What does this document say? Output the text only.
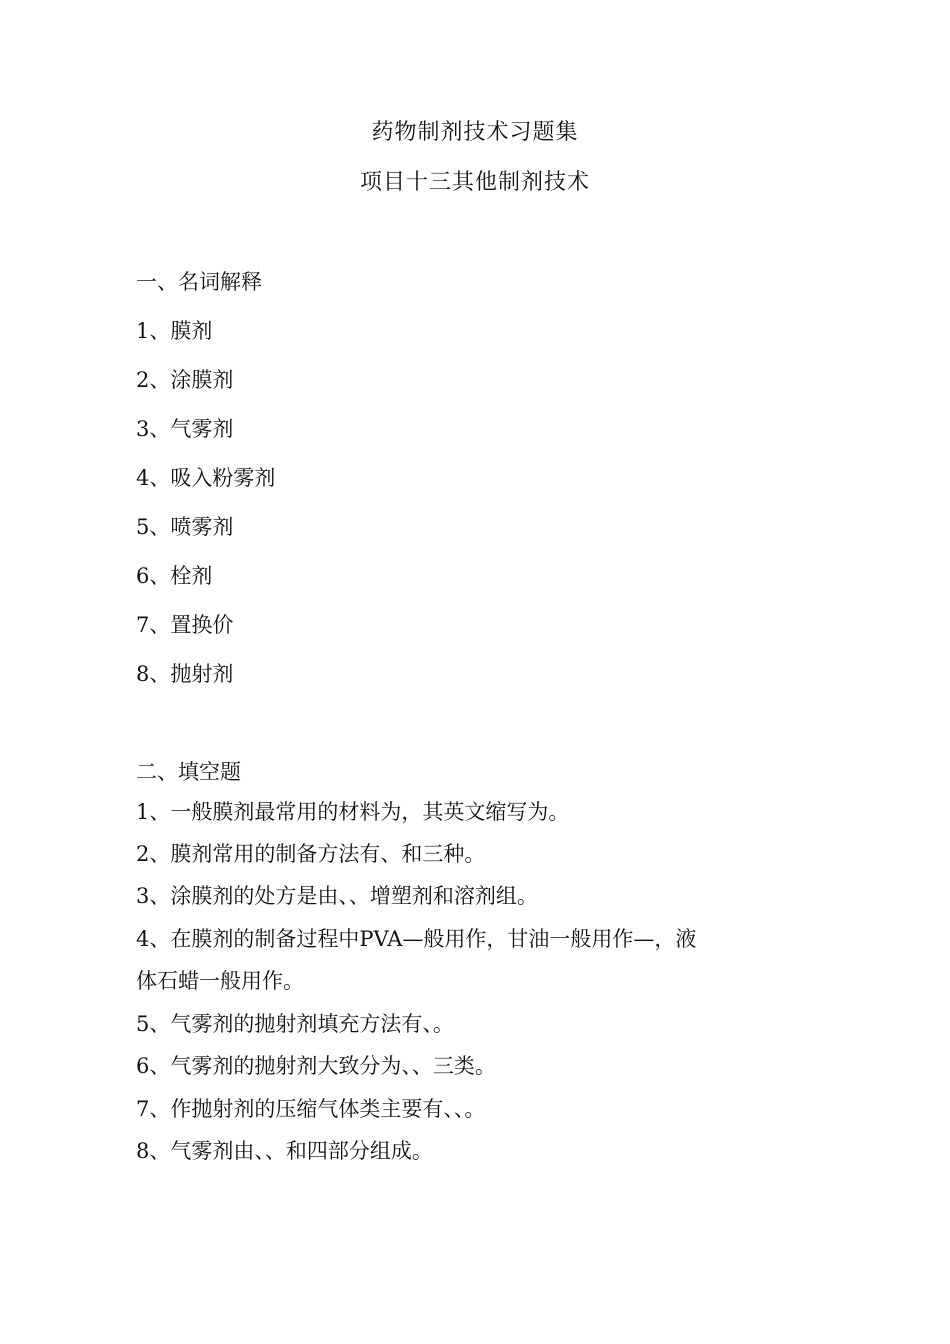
药物制剂技术习题集
项目十三其他制剂技术
一、名词解释
1、膜剂
2、涂膜剂
3、气雾剂
4、吸入粉雾剂
5、喷雾剂
6、栓剂
7、置换价
8、抛射剂
二、填空题
1、一般膜剂最常用的材料为，其英文缩写为。
2、膜剂常用的制备方法有、和三种。
3、涂膜剂的处方是由、、增塑剂和溶剂组。
4、在膜剂的制备过程中PVA—般用作，甘油一般用作—，液
体石蜡一般用作。
5、气雾剂的抛射剂填充方法有、。
6、气雾剂的抛射剂大致分为、、三类。
7、作抛射剂的压缩气体类主要有、、。
8、气雾剂由、、和四部分组成。
